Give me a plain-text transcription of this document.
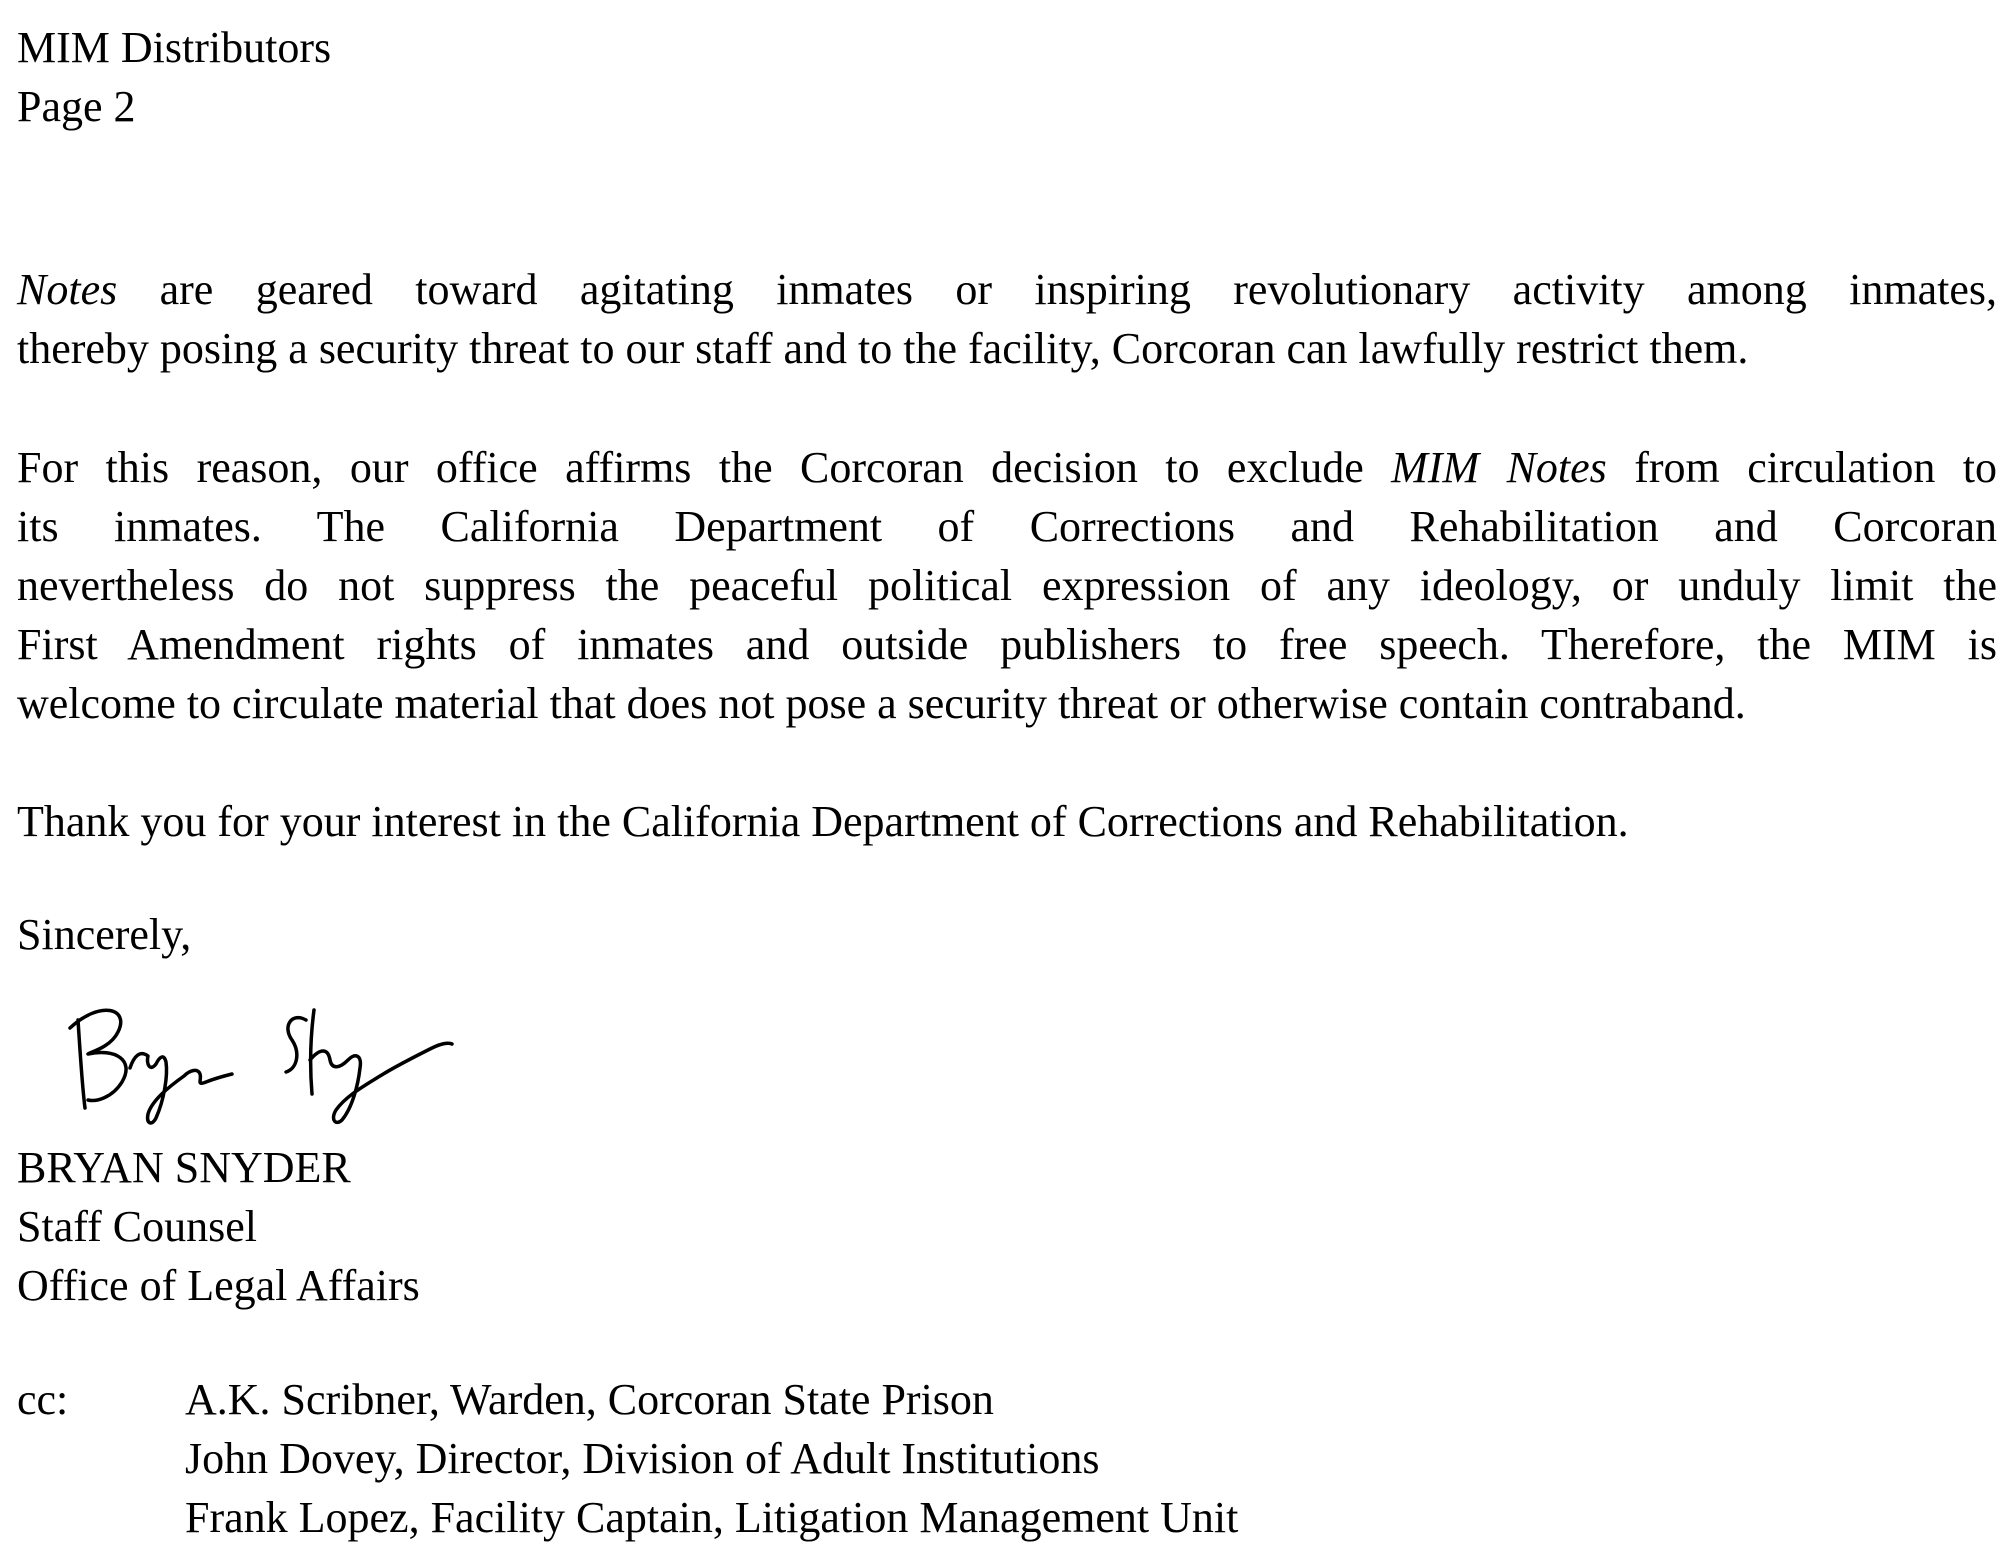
MIM Distributors
Page 2
Notes are geared toward agitating inmates or inspiring revolutionary activity among inmates,
thereby posing a security threat to our staff and to the facility, Corcoran can lawfully restrict them.
For this reason, our office affirms the Corcoran decision to exclude MIM Notes from circulation to
its inmates. The California Department of Corrections and Rehabilitation and Corcoran
nevertheless do not suppress the peaceful political expression of any ideology, or unduly limit the
First Amendment rights of inmates and outside publishers to free speech. Therefore, the MIM is
welcome to circulate material that does not pose a security threat or otherwise contain contraband.
Thank you for your interest in the California Department of Corrections and Rehabilitation.
Sincerely,
BRYAN SNYDER
Staff Counsel
Office of Legal Affairs
cc:	A.K. Scribner, Warden, Corcoran State Prison
John Dovey, Director, Division of Adult Institutions
Frank Lopez, Facility Captain, Litigation Management Unit
